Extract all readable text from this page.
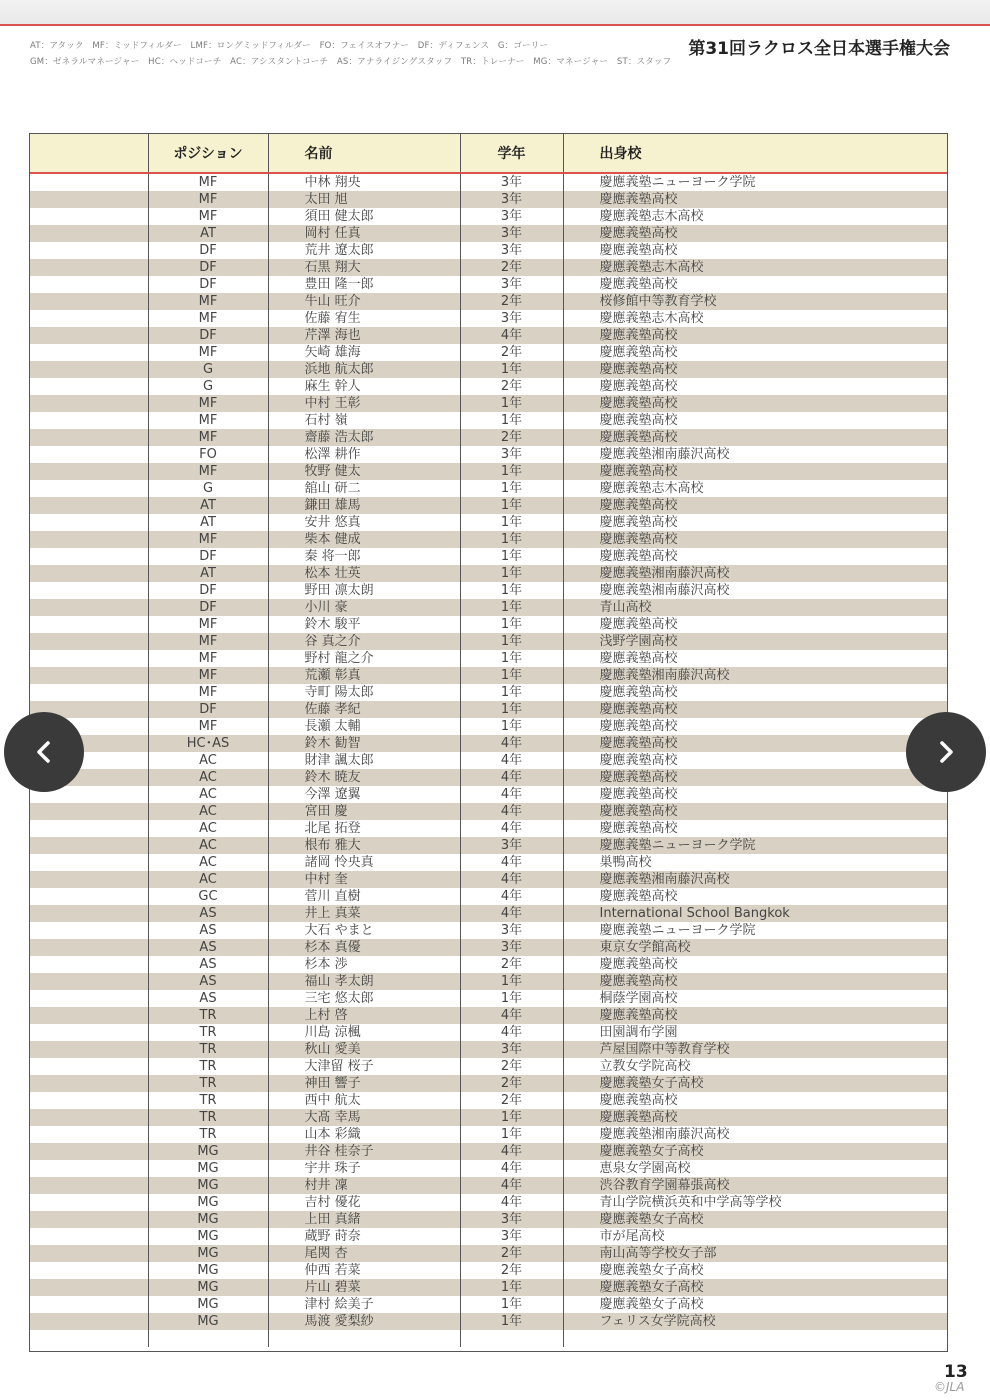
AT：アタック　MF：ミッドフィルダー　LMF：ロングミッドフィルダー　FO：フェイスオフナー　DF：ディフェンス　G：ゴーリー
GM：ゼネラルマネージャー　HC：ヘッドコーチ　AC：アシスタントコーチ　AS：アナライジングスタッフ　TR：トレーナー　MG：マネージャー　ST：スタッフ
第31回ラクロス全日本選手権大会
	ポジション	名前	学年	出身校
	MF	中林 翔央	3年	慶應義塾ニューヨーク学院
	MF	太田 旭	3年	慶應義塾高校
	MF	須田 健太郎	3年	慶應義塾志木高校
	AT	岡村 任真	3年	慶應義塾高校
	DF	荒井 遼太郎	3年	慶應義塾高校
	DF	石黒 翔大	2年	慶應義塾志木高校
	DF	豊田 隆一郎	3年	慶應義塾高校
	MF	牛山 旺介	2年	桜修館中等教育学校
	MF	佐藤 宥生	3年	慶應義塾志木高校
	DF	芹澤 海也	4年	慶應義塾高校
	MF	矢崎 雄海	2年	慶應義塾高校
	G	浜地 航太郎	1年	慶應義塾高校
	G	麻生 幹人	2年	慶應義塾高校
	MF	中村 王彰	1年	慶應義塾高校
	MF	石村 嶺	1年	慶應義塾高校
	MF	齋藤 浩太郎	2年	慶應義塾高校
	FO	松澤 耕作	3年	慶應義塾湘南藤沢高校
	MF	牧野 健太	1年	慶應義塾高校
	G	舘山 研二	1年	慶應義塾志木高校
	AT	鎌田 雄馬	1年	慶應義塾高校
	AT	安井 悠真	1年	慶應義塾高校
	MF	柴本 健成	1年	慶應義塾高校
	DF	秦 将一郎	1年	慶應義塾高校
	AT	松本 壮英	1年	慶應義塾湘南藤沢高校
	DF	野田 凛太朗	1年	慶應義塾湘南藤沢高校
	DF	小川 豪	1年	青山高校
	MF	鈴木 駿平	1年	慶應義塾高校
	MF	谷 真之介	1年	浅野学園高校
	MF	野村 龍之介	1年	慶應義塾高校
	MF	荒瀬 彰真	1年	慶應義塾湘南藤沢高校
	MF	寺町 陽太郎	1年	慶應義塾高校
	DF	佐藤 孝紀	1年	慶應義塾高校
	MF	長瀬 太輔	1年	慶應義塾高校
	HC･AS	鈴木 勧智	4年	慶應義塾高校
	AC	財津 諷太郎	4年	慶應義塾高校
	AC	鈴木 暁友	4年	慶應義塾高校
	AC	今澤 遼翼	4年	慶應義塾高校
	AC	宮田 慶	4年	慶應義塾高校
	AC	北尾 拓登	4年	慶應義塾高校
	AC	根布 雅大	3年	慶應義塾ニューヨーク学院
	AC	諸岡 怜央真	4年	巣鴨高校
	AC	中村 奎	4年	慶應義塾湘南藤沢高校
	GC	菅川 直樹	4年	慶應義塾高校
	AS	井上 真菜	4年	International School Bangkok
	AS	大石 やまと	3年	慶應義塾ニューヨーク学院
	AS	杉本 真優	3年	東京女学館高校
	AS	杉本 渉	2年	慶應義塾高校
	AS	福山 孝太朗	1年	慶應義塾高校
	AS	三宅 悠太郎	1年	桐蔭学園高校
	TR	上村 啓	4年	慶應義塾高校
	TR	川島 涼楓	4年	田園調布学園
	TR	秋山 愛美	3年	芦屋国際中等教育学校
	TR	大津留 桜子	2年	立教女学院高校
	TR	神田 響子	2年	慶應義塾女子高校
	TR	西中 航太	2年	慶應義塾高校
	TR	大髙 幸馬	1年	慶應義塾高校
	TR	山本 彩織	1年	慶應義塾湘南藤沢高校
	MG	井谷 桂奈子	4年	慶應義塾女子高校
	MG	宇井 珠子	4年	恵泉女学園高校
	MG	村井 凜	4年	渋谷教育学園幕張高校
	MG	吉村 優花	4年	青山学院横浜英和中学高等学校
	MG	上田 真緒	3年	慶應義塾女子高校
	MG	蔵野 莳奈	3年	市が尾高校
	MG	尾関 杏	2年	南山高等学校女子部
	MG	仲西 若菜	2年	慶應義塾女子高校
	MG	片山 碧菜	1年	慶應義塾女子高校
	MG	津村 絵美子	1年	慶應義塾女子高校
	MG	馬渡 愛梨紗	1年	フェリス女学院高校

13
©JLA
